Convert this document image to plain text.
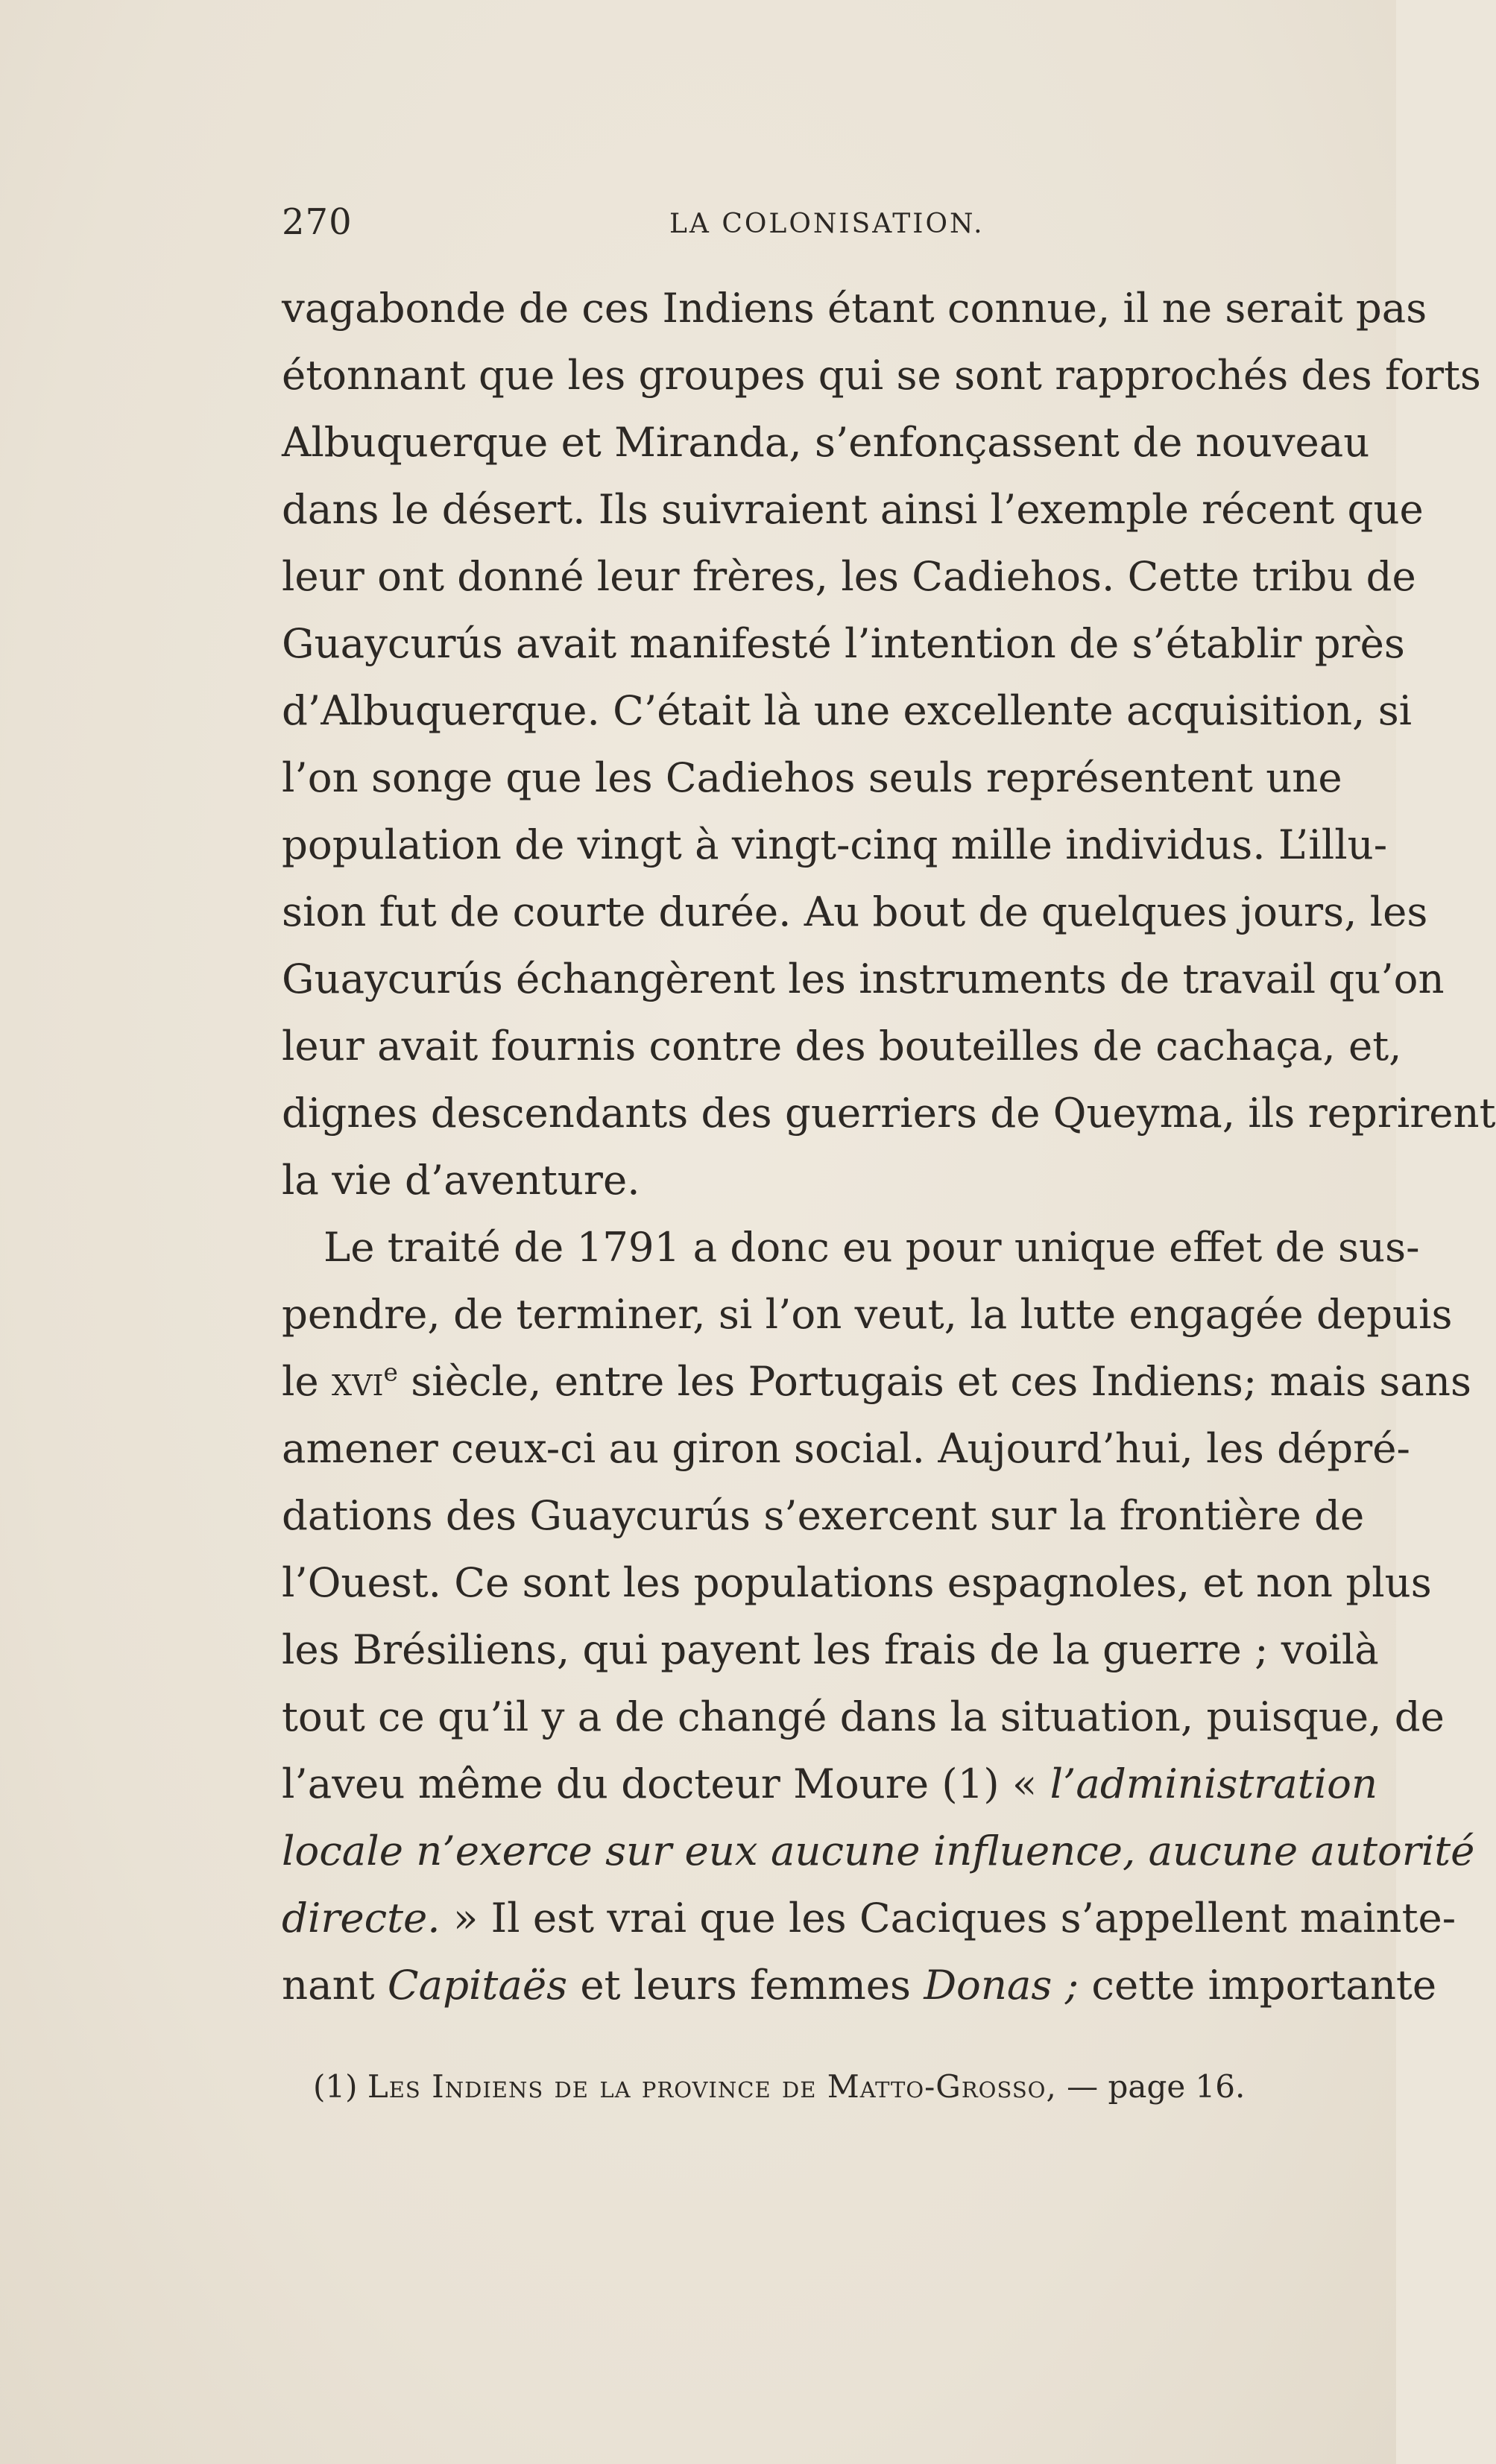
270	LA COLONISATION.
vagabonde de ces Indiens étant connue, il ne serait pas
étonnant que les groupes qui se sont rapprochés des forts
Albuquerque et Miranda, s’enfonçassent de nouveau
dans le désert. Ils suivraient ainsi l’exemple récent que
leur ont donné leur frères, les Cadiehos. Cette tribu de
Guaycurús avait manifesté l’intention de s’établir près
d’Albuquerque. C’était là une excellente acquisition, si
l’on songe que les Cadiehos seuls représentent une
population de vingt à vingt-cinq mille individus. L’illu-
sion fut de courte durée. Au bout de quelques jours, les
Guaycurús échangèrent les instruments de travail qu’on
leur avait fournis contre des bouteilles de cachaça, et,
dignes descendants des guerriers de Queyma, ils reprirent
la vie d’aventure.
Le traité de 1791 a donc eu pour unique effet de sus-
pendre, de terminer, si l’on veut, la lutte engagée depuis
le xvi$^e$ siècle, entre les Portugais et ces Indiens; mais sans
amener ceux-ci au giron social. Aujourd’hui, les dépré-
dations des Guaycurús s’exercent sur la frontière de
l’Ouest. Ce sont les populations espagnoles, et non plus
les Brésiliens, qui payent les frais de la guerre ; voilà
tout ce qu’il y a de changé dans la situation, puisque, de
l’aveu même du docteur Moure (1) « l’administration
locale n’exerce sur eux aucune influence, aucune autorité
directe. » Il est vrai que les Caciques s’appellent mainte-
nant Capitaës et leurs femmes Donas ; cette importante
(1) Les Indiens de la province de Matto-Grosso, — page 16.
